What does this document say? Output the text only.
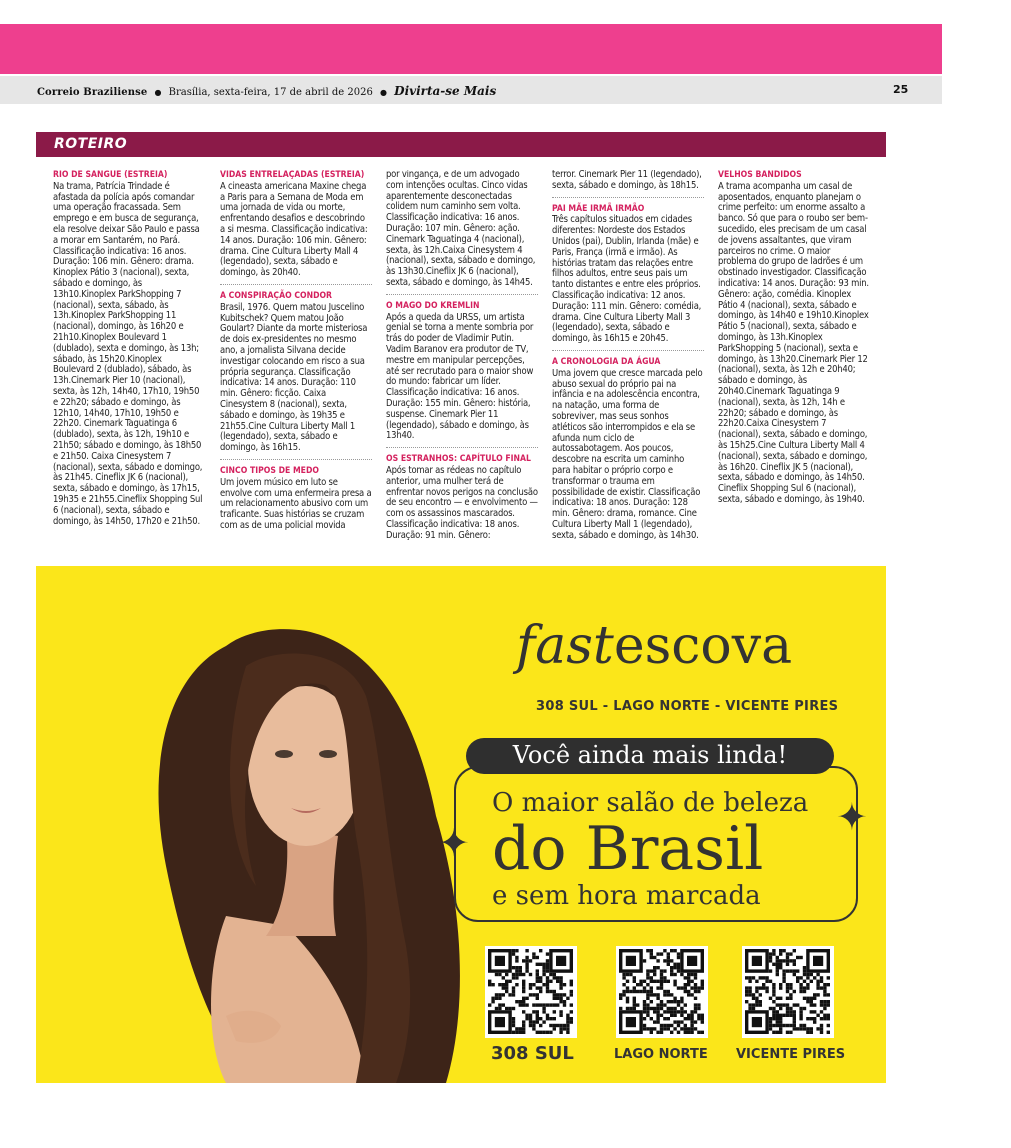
Correio Braziliense ● Brasília, sexta-feira, 17 de abril de 2026 ● Divirta-se Mais	25
ROTEIRO
RIO DE SANGUE (ESTREIA)
Na trama, Patrícia Trindade é afastada da polícia após comandar uma operação fracassada. Sem emprego e em busca de segurança, ela resolve deixar São Paulo e passa a morar em Santarém, no Pará. Classificação indicativa: 16 anos. Duração: 106 min. Gênero: drama. Kinoplex Pátio 3 (nacional), sexta, sábado e domingo, às 13h10.Kinoplex ParkShopping 7 (nacional), sexta, sábado, às 13h.Kinoplex ParkShopping 11 (nacional), domingo, às 16h20 e 21h10.Kinoplex Boulevard 1 (dublado), sexta e domingo, às 13h; sábado, às 15h20.Kinoplex Boulevard 2 (dublado), sábado, às 13h.Cinemark Pier 10 (nacional), sexta, às 12h, 14h40, 17h10, 19h50 e 22h20; sábado e domingo, às 12h10, 14h40, 17h10, 19h50 e 22h20. Cinemark Taguatinga 6 (dublado), sexta, às 12h, 19h10 e 21h50; sábado e domingo, às 18h50 e 21h50. Caixa Cinesystem 7 (nacional), sexta, sábado e domingo, às 21h45. Cineflix JK 6 (nacional), sexta, sábado e domingo, às 17h15, 19h35 e 21h55.Cineflix Shopping Sul 6 (nacional), sexta, sábado e domingo, às 14h50, 17h20 e 21h50.
VIDAS ENTRELAÇADAS (ESTREIA)
A cineasta americana Maxine chega a Paris para a Semana de Moda em uma jornada de vida ou morte, enfrentando desafios e descobrindo a si mesma. Classificação indicativa: 14 anos. Duração: 106 min. Gênero: drama. Cine Cultura Liberty Mall 4 (legendado), sexta, sábado e domingo, às 20h40.
A CONSPIRAÇÃO CONDOR
Brasil, 1976. Quem matou Juscelino Kubitschek? Quem matou João Goulart? Diante da morte misteriosa de dois ex-presidentes no mesmo ano, a jornalista Silvana decide investigar colocando em risco a sua própria segurança. Classificação indicativa: 14 anos. Duração: 110 min. Gênero: ficção. Caixa Cinesystem 8 (nacional), sexta, sábado e domingo, às 19h35 e 21h55.Cine Cultura Liberty Mall 1 (legendado), sexta, sábado e domingo, às 16h15.
CINCO TIPOS DE MEDO
Um jovem músico em luto se envolve com uma enfermeira presa a um relacionamento abusivo com um traficante. Suas histórias se cruzam com as de uma policial movida
por vingança, e de um advogado com intenções ocultas. Cinco vidas aparentemente desconectadas colidem num caminho sem volta. Classificação indicativa: 16 anos. Duração: 107 min. Gênero: ação. Cinemark Taguatinga 4 (nacional), sexta, às 12h.Caixa Cinesystem 4 (nacional), sexta, sábado e domingo, às 13h30.Cineflix JK 6 (nacional), sexta, sábado e domingo, às 14h45.
O MAGO DO KREMLIN
Após a queda da URSS, um artista genial se torna a mente sombria por trás do poder de Vladimir Putin. Vadim Baranov era produtor de TV, mestre em manipular percepções, até ser recrutado para o maior show do mundo: fabricar um líder. Classificação indicativa: 16 anos. Duração: 155 min. Gênero: história, suspense. Cinemark Pier 11 (legendado), sábado e domingo, às 13h40.
OS ESTRANHOS: CAPÍTULO FINAL
Após tomar as rédeas no capítulo anterior, uma mulher terá de enfrentar novos perigos na conclusão de seu encontro — e envolvimento — com os assassinos mascarados. Classificação indicativa: 18 anos. Duração: 91 min. Gênero:
terror. Cinemark Pier 11 (legendado), sexta, sábado e domingo, às 18h15.
PAI MÃE IRMÃ IRMÃO
Três capítulos situados em cidades diferentes: Nordeste dos Estados Unidos (pai), Dublin, Irlanda (mãe) e Paris, França (irmã e irmão). As histórias tratam das relações entre filhos adultos, entre seus pais um tanto distantes e entre eles próprios. Classificação indicativa: 12 anos. Duração: 111 min. Gênero: comédia, drama. Cine Cultura Liberty Mall 3 (legendado), sexta, sábado e domingo, às 16h15 e 20h45.
A CRONOLOGIA DA ÁGUA
Uma jovem que cresce marcada pelo abuso sexual do próprio pai na infância e na adolescência encontra, na natação, uma forma de sobreviver, mas seus sonhos atléticos são interrompidos e ela se afunda num ciclo de autossabotagem. Aos poucos, descobre na escrita um caminho para habitar o próprio corpo e transformar o trauma em possibilidade de existir. Classificação indicativa: 18 anos. Duração: 128 min. Gênero: drama, romance. Cine Cultura Liberty Mall 1 (legendado), sexta, sábado e domingo, às 14h30.
VELHOS BANDIDOS
A trama acompanha um casal de aposentados, enquanto planejam o crime perfeito: um enorme assalto a banco. Só que para o roubo ser bem-sucedido, eles precisam de um casal de jovens assaltantes, que viram parceiros no crime. O maior problema do grupo de ladrões é um obstinado investigador. Classificação indicativa: 14 anos. Duração: 93 min. Gênero: ação, comédia. Kinoplex Pátio 4 (nacional), sexta, sábado e domingo, às 14h40 e 19h10.Kinoplex Pátio 5 (nacional), sexta, sábado e domingo, às 13h.Kinoplex ParkShopping 5 (nacional), sexta e domingo, às 13h20.Cinemark Pier 12 (nacional), sexta, às 12h e 20h40; sábado e domingo, às 20h40.Cinemark Taguatinga 9 (nacional), sexta, às 12h, 14h e 22h20; sábado e domingo, às 22h20.Caixa Cinesystem 7 (nacional), sexta, sábado e domingo, às 15h25.Cine Cultura Liberty Mall 4 (nacional), sexta, sábado e domingo, às 16h20. Cineflix JK 5 (nacional), sexta, sábado e domingo, às 14h50. Cineflix Shopping Sul 6 (nacional), sexta, sábado e domingo, às 19h40.
fastescova
308 SUL - LAGO NORTE - VICENTE PIRES
Você ainda mais linda!
✦
✦
O maior salão de beleza
do Brasil
e sem hora marcada
308 SUL	LAGO NORTE VICENTE PIRES
